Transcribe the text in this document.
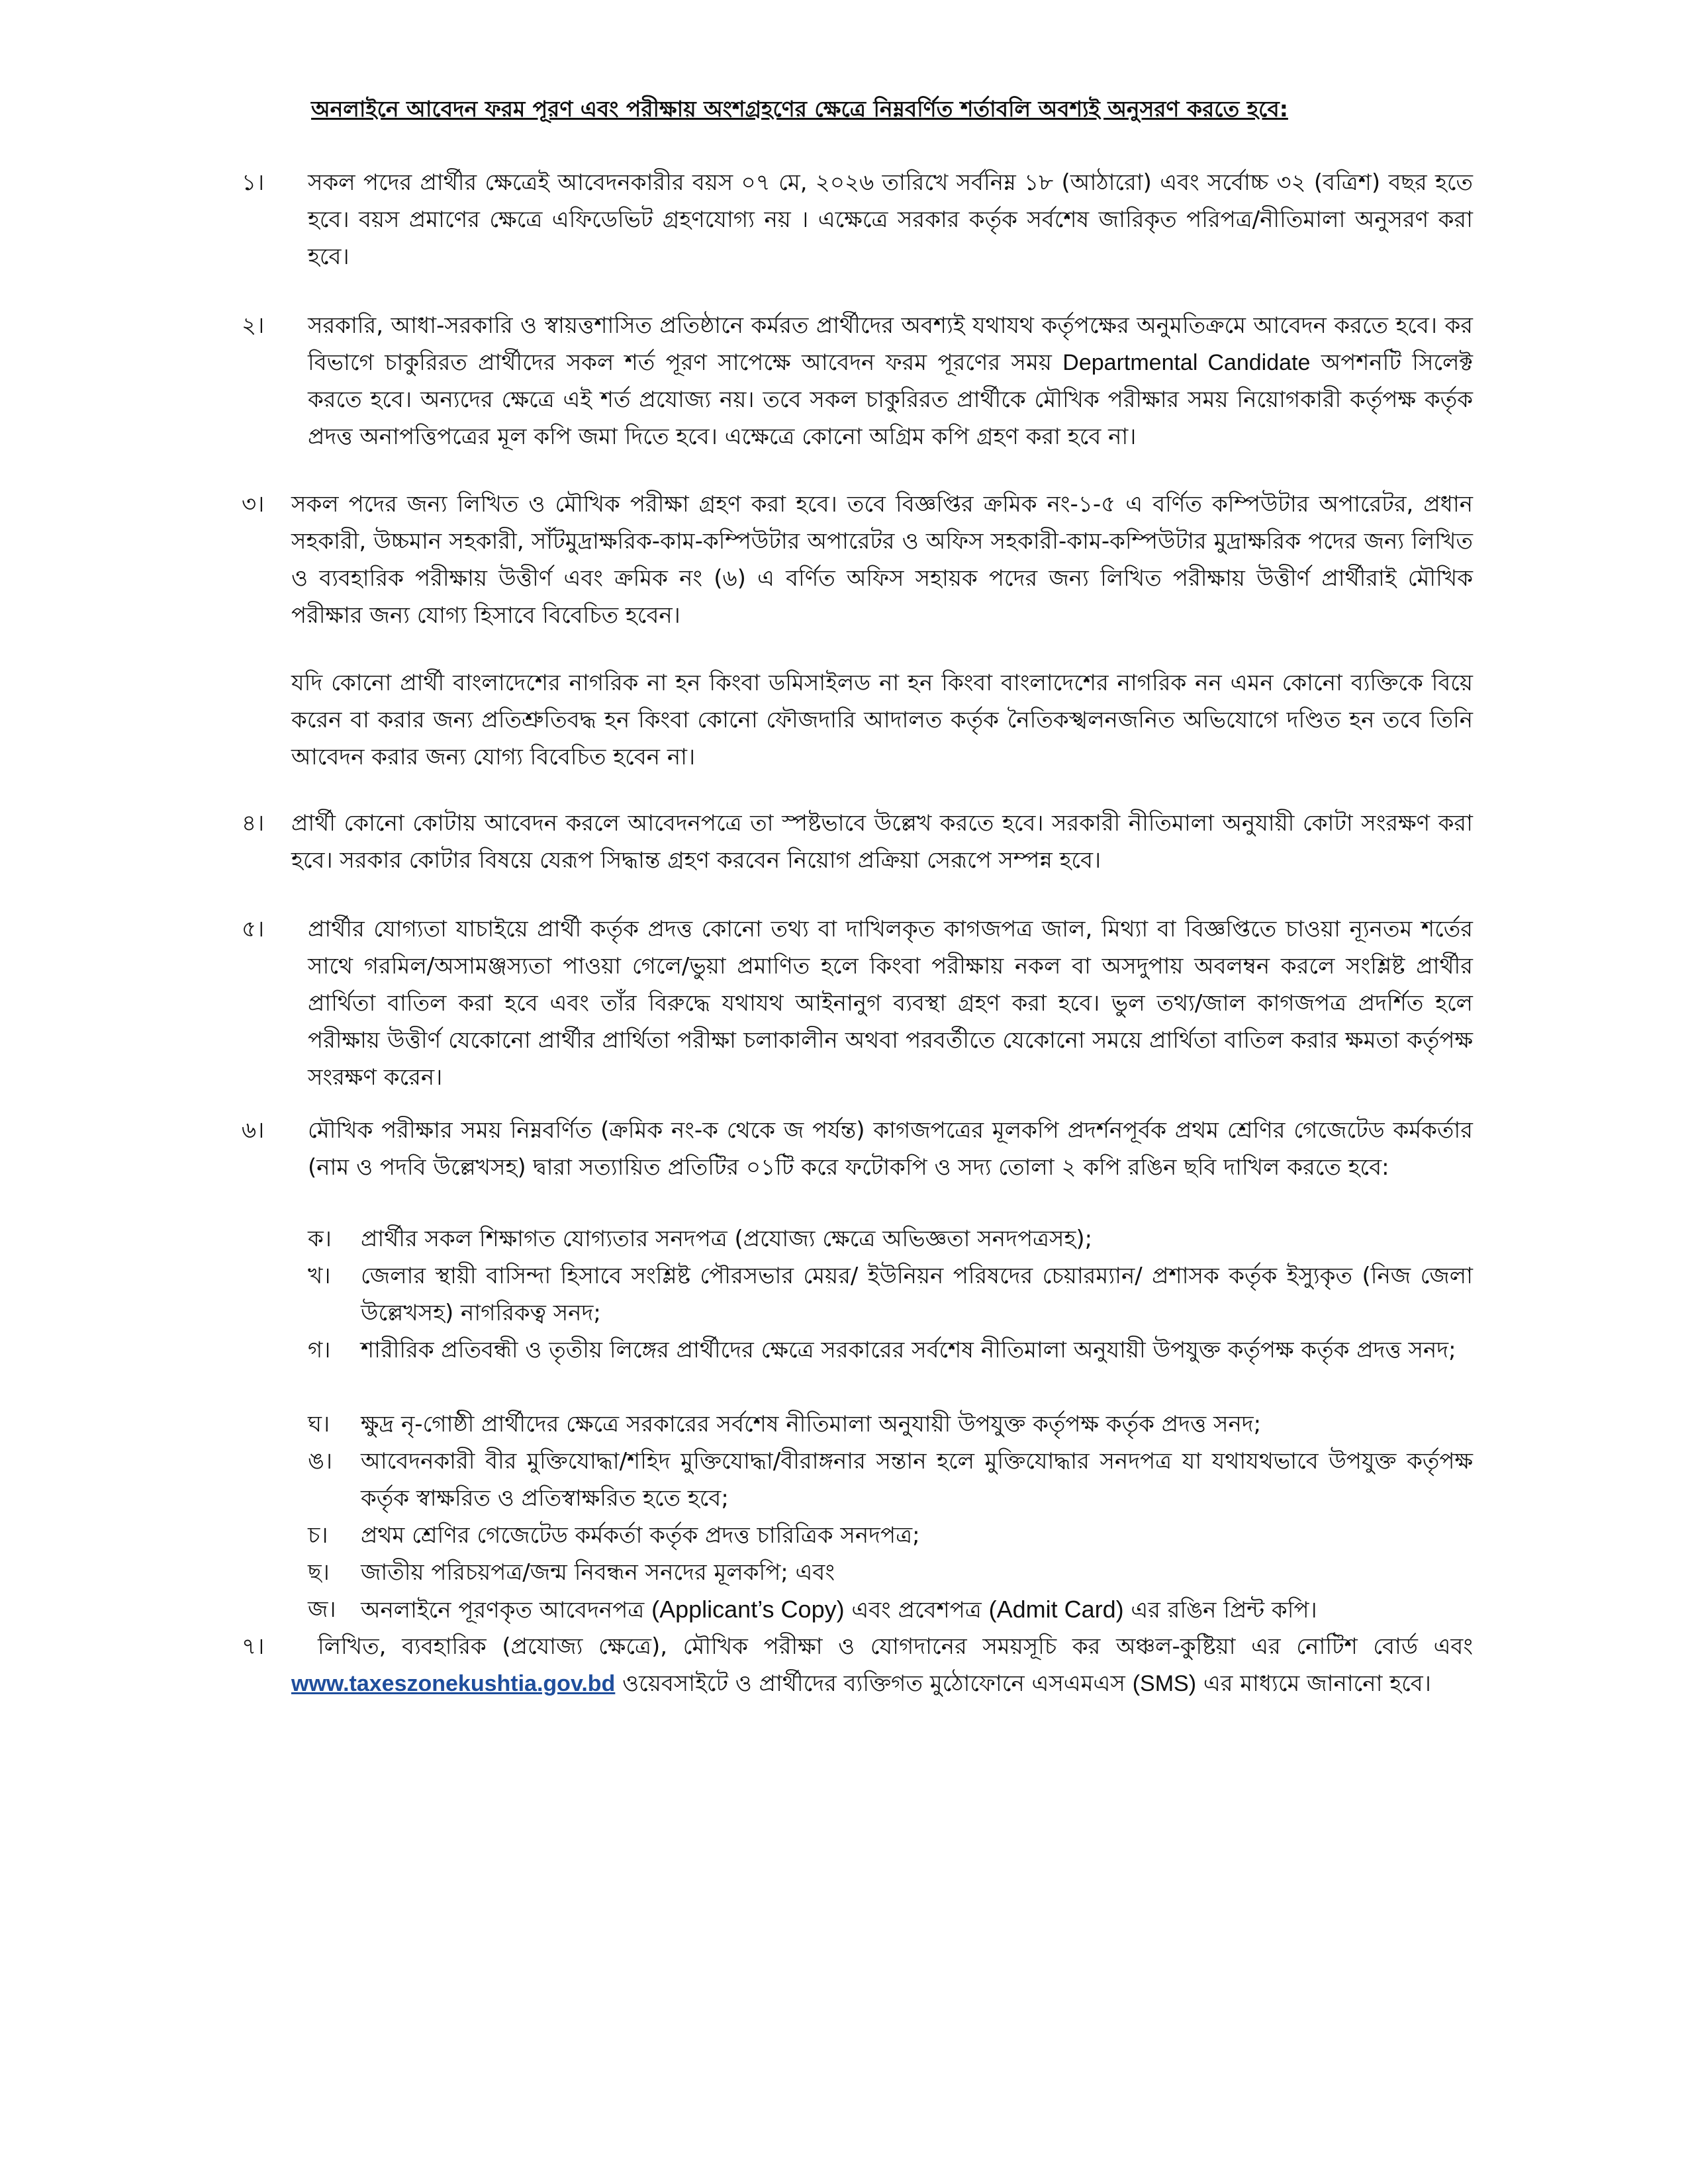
অনলাইনে আবেদন ফরম পূরণ এবং পরীক্ষায় অংশগ্রহণের ক্ষেত্রে নিম্নবর্ণিত শর্তাবলি অবশ্যই অনুসরণ করতে হবে:
১। সকল পদের প্রার্থীর ক্ষেত্রেই আবেদনকারীর বয়স ০৭ মে, ২০২৬ তারিখে সর্বনিম্ন ১৮ (আঠারো) এবং সর্বোচ্চ ৩২ (বত্রিশ) বছর হতে হবে। বয়স প্রমাণের ক্ষেত্রে এফিডেভিট গ্রহণযোগ্য নয় । এক্ষেত্রে সরকার কর্তৃক সর্বশেষ জারিকৃত পরিপত্র/নীতিমালা অনুসরণ করা হবে।
২। সরকারি, আধা-সরকারি ও স্বায়ত্তশাসিত প্রতিষ্ঠানে কর্মরত প্রার্থীদের অবশ্যই যথাযথ কর্তৃপক্ষের অনুমতিক্রমে আবেদন করতে হবে। কর বিভাগে চাকুরিরত প্রার্থীদের সকল শর্ত পূরণ সাপেক্ষে আবেদন ফরম পূরণের সময় Departmental Candidate অপশনটি সিলেক্ট করতে হবে। অন্যদের ক্ষেত্রে এই শর্ত প্রযোজ্য নয়। তবে সকল চাকুরিরত প্রার্থীকে মৌখিক পরীক্ষার সময় নিয়োগকারী কর্তৃপক্ষ কর্তৃক প্রদত্ত অনাপত্তিপত্রের মূল কপি জমা দিতে হবে। এক্ষেত্রে কোনো অগ্রিম কপি গ্রহণ করা হবে না।
৩। সকল পদের জন্য লিখিত ও মৌখিক পরীক্ষা গ্রহণ করা হবে। তবে বিজ্ঞপ্তির ক্রমিক নং-১-৫ এ বর্ণিত কম্পিউটার অপারেটর, প্রধান সহকারী, উচ্চমান সহকারী, সাঁটমুদ্রাক্ষরিক-কাম-কম্পিউটার অপারেটর ও অফিস সহকারী-কাম-কম্পিউটার মুদ্রাক্ষরিক পদের জন্য লিখিত ও ব্যবহারিক পরীক্ষায় উত্তীর্ণ এবং ক্রমিক নং (৬) এ বর্ণিত অফিস সহায়ক পদের জন্য লিখিত পরীক্ষায় উত্তীর্ণ প্রার্থীরাই মৌখিক পরীক্ষার জন্য যোগ্য হিসাবে বিবেচিত হবেন।
যদি কোনো প্রার্থী বাংলাদেশের নাগরিক না হন কিংবা ডমিসাইলড না হন কিংবা বাংলাদেশের নাগরিক নন এমন কোনো ব্যক্তিকে বিয়ে করেন বা করার জন্য প্রতিশ্রুতিবদ্ধ হন কিংবা কোনো ফৌজদারি আদালত কর্তৃক নৈতিকস্খলনজনিত অভিযোগে দণ্ডিত হন তবে তিনি আবেদন করার জন্য যোগ্য বিবেচিত হবেন না।
৪। প্রার্থী কোনো কোটায় আবেদন করলে আবেদনপত্রে তা স্পষ্টভাবে উল্লেখ করতে হবে। সরকারী নীতিমালা অনুযায়ী কোটা সংরক্ষণ করা হবে। সরকার কোটার বিষয়ে যেরূপ সিদ্ধান্ত গ্রহণ করবেন নিয়োগ প্রক্রিয়া সেরূপে সম্পন্ন হবে।
৫। প্রার্থীর যোগ্যতা যাচাইয়ে প্রার্থী কর্তৃক প্রদত্ত কোনো তথ্য বা দাখিলকৃত কাগজপত্র জাল, মিথ্যা বা বিজ্ঞপ্তিতে চাওয়া ন্যূনতম শর্তের সাথে গরমিল/অসামঞ্জস্যতা পাওয়া গেলে/ভুয়া প্রমাণিত হলে কিংবা পরীক্ষায় নকল বা অসদুপায় অবলম্বন করলে সংশ্লিষ্ট প্রার্থীর প্রার্থিতা বাতিল করা হবে এবং তাঁর বিরুদ্ধে যথাযথ আইনানুগ ব্যবস্থা গ্রহণ করা হবে। ভুল তথ্য/জাল কাগজপত্র প্রদর্শিত হলে পরীক্ষায় উত্তীর্ণ যেকোনো প্রার্থীর প্রার্থিতা পরীক্ষা চলাকালীন অথবা পরবর্তীতে যেকোনো সময়ে প্রার্থিতা বাতিল করার ক্ষমতা কর্তৃপক্ষ সংরক্ষণ করেন।
৬। মৌখিক পরীক্ষার সময় নিম্নবর্ণিত (ক্রমিক নং-ক থেকে জ পর্যন্ত) কাগজপত্রের মূলকপি প্রদর্শনপূর্বক প্রথম শ্রেণির গেজেটেড কর্মকর্তার (নাম ও পদবি উল্লেখসহ) দ্বারা সত্যায়িত প্রতিটির ০১টি করে ফটোকপি ও সদ্য তোলা ২ কপি রঙিন ছবি দাখিল করতে হবে:
ক। প্রার্থীর সকল শিক্ষাগত যোগ্যতার সনদপত্র (প্রযোজ্য ক্ষেত্রে অভিজ্ঞতা সনদপত্রসহ);
খ। জেলার স্থায়ী বাসিন্দা হিসাবে সংশ্লিষ্ট পৌরসভার মেয়র/ ইউনিয়ন পরিষদের চেয়ারম্যান/ প্রশাসক কর্তৃক ইস্যুকৃত (নিজ জেলা উল্লেখসহ) নাগরিকত্ব সনদ;
গ। শারীরিক প্রতিবন্ধী ও তৃতীয় লিঙ্গের প্রার্থীদের ক্ষেত্রে সরকারের সর্বশেষ নীতিমালা অনুযায়ী উপযুক্ত কর্তৃপক্ষ কর্তৃক প্রদত্ত সনদ;
ঘ। ক্ষুদ্র নৃ-গোষ্ঠী প্রার্থীদের ক্ষেত্রে সরকারের সর্বশেষ নীতিমালা অনুযায়ী উপযুক্ত কর্তৃপক্ষ কর্তৃক প্রদত্ত সনদ;
ঙ। আবেদনকারী বীর মুক্তিযোদ্ধা/শহিদ মুক্তিযোদ্ধা/বীরাঙ্গনার সন্তান হলে মুক্তিযোদ্ধার সনদপত্র যা যথাযথভাবে উপযুক্ত কর্তৃপক্ষ কর্তৃক স্বাক্ষরিত ও প্রতিস্বাক্ষরিত হতে হবে;
চ। প্রথম শ্রেণির গেজেটেড কর্মকর্তা কর্তৃক প্রদত্ত চারিত্রিক সনদপত্র;
ছ। জাতীয় পরিচয়পত্র/জন্ম নিবন্ধন সনদের মূলকপি; এবং
জ। অনলাইনে পূরণকৃত আবেদনপত্র (Applicant’s Copy) এবং প্রবেশপত্র (Admit Card) এর রঙিন প্রিন্ট কপি।
৭।	লিখিত, ব্যবহারিক (প্রযোজ্য ক্ষেত্রে), মৌখিক পরীক্ষা ও যোগদানের সময়সূচি কর অঞ্চল-কুষ্টিয়া এর নোটিশ বোর্ড এবং www.taxeszonekushtia.gov.bd ওয়েবসাইটে ও প্রার্থীদের ব্যক্তিগত মুঠোফোনে এসএমএস (SMS) এর মাধ্যমে জানানো হবে।
